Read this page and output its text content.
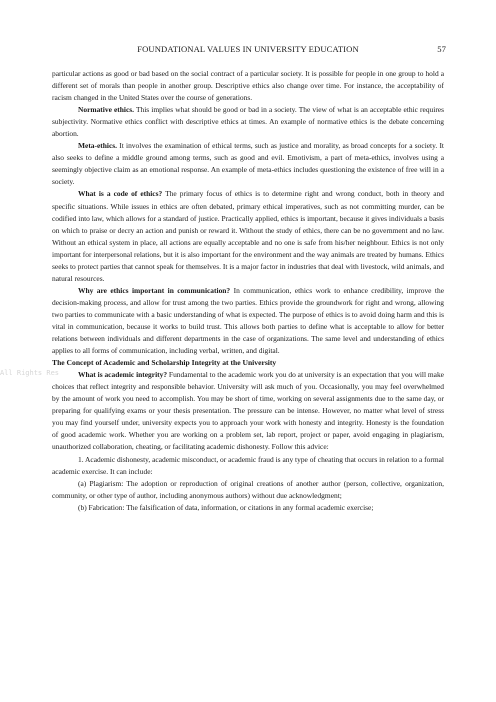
FOUNDATIONAL VALUES IN UNIVERSITY EDUCATION	57

particular actions as good or bad based on the social contract of a particular society. It is possible for people in one group to hold a different set of morals than people in another group. Descriptive ethics also change over time. For instance, the acceptability of racism changed in the United States over the course of generations.

Normative ethics. This implies what should be good or bad in a society. The view of what is an acceptable ethic requires subjectivity. Normative ethics conflict with descriptive ethics at times. An example of normative ethics is the debate concerning abortion.

Meta-ethics. It involves the examination of ethical terms, such as justice and morality, as broad concepts for a society. It also seeks to define a middle ground among terms, such as good and evil. Emotivism, a part of meta-ethics, involves using a seemingly objective claim as an emotional response. An example of meta-ethics includes questioning the existence of free will in a society.

What is a code of ethics? The primary focus of ethics is to determine right and wrong conduct, both in theory and specific situations. While issues in ethics are often debated, primary ethical imperatives, such as not committing murder, can be codified into law, which allows for a standard of justice. Practically applied, ethics is important, because it gives individuals a basis on which to praise or decry an action and punish or reward it. Without the study of ethics, there can be no government and no law. Without an ethical system in place, all actions are equally acceptable and no one is safe from his/her neighbour. Ethics is not only important for interpersonal relations, but it is also important for the environment and the way animals are treated by humans. Ethics seeks to protect parties that cannot speak for themselves. It is a major factor in industries that deal with livestock, wild animals, and natural resources.

Why are ethics important in communication? In communication, ethics work to enhance credibility, improve the decision-making process, and allow for trust among the two parties. Ethics provide the groundwork for right and wrong, allowing two parties to communicate with a basic understanding of what is expected. The purpose of ethics is to avoid doing harm and this is vital in communication, because it works to build trust. This allows both parties to define what is acceptable to allow for better relations between individuals and different departments in the case of organizations. The same level and understanding of ethics applies to all forms of communication, including verbal, written, and digital.

The Concept of Academic and Scholarship Integrity at the University

What is academic integrity? Fundamental to the academic work you do at university is an expectation that you will make choices that reflect integrity and responsible behavior. University will ask much of you. Occasionally, you may feel overwhelmed by the amount of work you need to accomplish. You may be short of time, working on several assignments due to the same day, or preparing for qualifying exams or your thesis presentation. The pressure can be intense. However, no matter what level of stress you may find yourself under, university expects you to approach your work with honesty and integrity. Honesty is the foundation of good academic work. Whether you are working on a problem set, lab report, project or paper, avoid engaging in plagiarism, unauthorized collaboration, cheating, or facilitating academic dishonesty. Follow this advice:

1. Academic dishonesty, academic misconduct, or academic fraud is any type of cheating that occurs in relation to a formal academic exercise. It can include:

(a) Plagiarism: The adoption or reproduction of original creations of another author (person, collective, organization, community, or other type of author, including anonymous authors) without due acknowledgment;

(b) Fabrication: The falsification of data, information, or citations in any formal academic exercise;

All Rights Res
